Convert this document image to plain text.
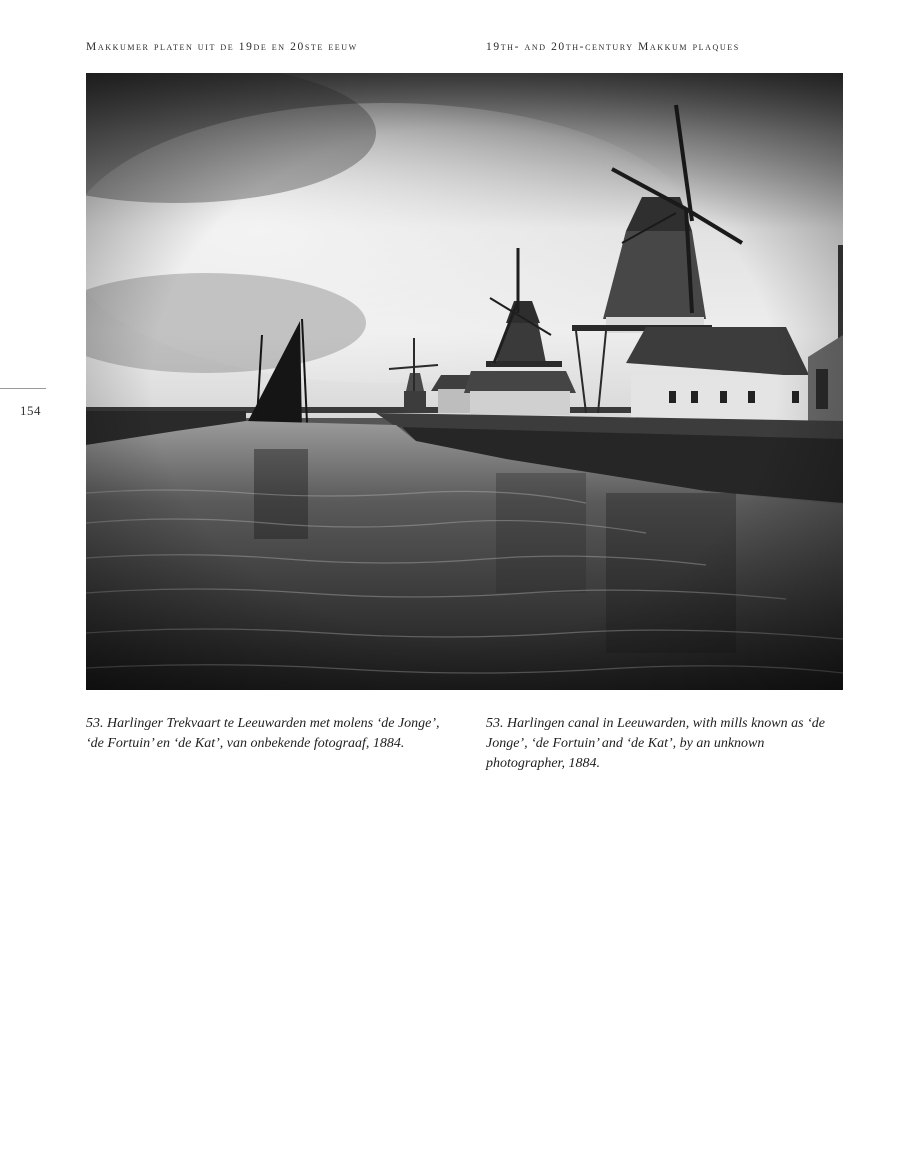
Makkumer platen uit de 19de en 20ste eeuw	19th- and 20th-century Makkum plaques
154
53. Harlinger Trekvaart te Leeuwarden met molens ‘de Jonge’, ‘de Fortuin’ en ‘de Kat’, van onbekende fotograaf, 1884.
53. Harlingen canal in Leeuwarden, with mills known as ‘de Jonge’, ‘de Fortuin’ and ‘de Kat’, by an unknown photographer, 1884.
